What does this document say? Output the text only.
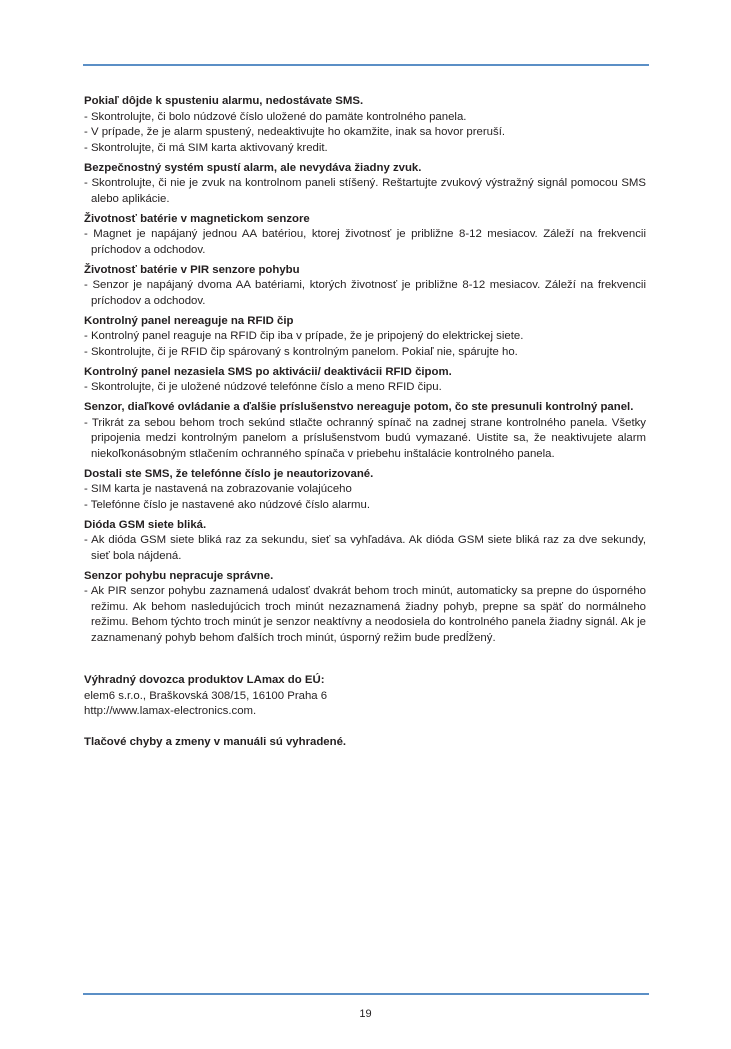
Pokiaľ dôjde k spusteniu alarmu, nedostávate SMS.
- Skontrolujte, či bolo núdzové číslo uložené do pamäte kontrolného panela.
- V prípade, že je alarm spustený, nedeaktivujte ho okamžite, inak sa hovor preruší.
- Skontrolujte, či má SIM karta aktivovaný kredit.
Bezpečnostný systém spustí alarm, ale nevydáva žiadny zvuk.
- Skontrolujte, či nie je zvuk na kontrolnom paneli stíšený. Reštartujte zvukový výstražný signál pomocou SMS alebo aplikácie.
Životnosť batérie v magnetickom senzore
- Magnet je napájaný jednou AA batériou, ktorej životnosť je približne 8-12 mesiacov. Záleží na frekvencii príchodov a odchodov.
Životnosť batérie v PIR senzore pohybu
- Senzor je napájaný dvoma AA batériami, ktorých životnosť je približne 8-12 mesiacov. Záleží na frekvencii príchodov a odchodov.
Kontrolný panel nereaguje na RFID čip
- Kontrolný panel reaguje na RFID čip iba v prípade, že je pripojený do elektrickej siete.
- Skontrolujte, či je RFID čip spárovaný s kontrolným panelom. Pokiaľ nie, spárujte ho.
Kontrolný panel nezasiela SMS po aktivácii/ deaktivácii RFID čipom.
- Skontrolujte, či je uložené núdzové telefónne číslo a meno RFID čipu.
Senzor, diaľkové ovládanie a ďalšie príslušenstvo nereaguje potom, čo ste presunuli kontrolný panel.
- Trikrát za sebou behom troch sekúnd stlačte ochranný spínač na zadnej strane kontrolného panela. Všetky pripojenia medzi kontrolným panelom a príslušenstvom budú vymazané. Uistite sa, že neaktivujete alarm niekoľkonásobným stlačením ochranného spínača v priebehu inštalácie kontrolného panela.
Dostali ste SMS, že telefónne číslo je neautorizované.
- SIM karta je nastavená na zobrazovanie volajúceho
- Telefónne číslo je nastavené ako núdzové číslo alarmu.
Dióda GSM siete bliká.
- Ak dióda GSM siete bliká raz za sekundu, sieť sa vyhľadáva. Ak dióda GSM siete bliká raz za dve sekundy, sieť bola nájdená.
Senzor pohybu nepracuje správne.
- Ak PIR senzor pohybu zaznamená udalosť dvakrát behom troch minút, automaticky sa prepne do úsporného režimu. Ak behom nasledujúcich troch minút nezaznamená žiadny pohyb, prepne sa späť do normálneho režimu. Behom týchto troch minút je senzor neaktívny a neodosiela do kontrolného panela žiadny signál. Ak je zaznamenaný pohyb behom ďalších troch minút, úsporný režim bude predĺžený.
Výhradný dovozca produktov LAmax do EÚ:
elem6 s.r.o., Braškovská 308/15, 16100 Praha 6
http://www.lamax-electronics.com.
Tlačové chyby a zmeny v manuáli sú vyhradené.
19
